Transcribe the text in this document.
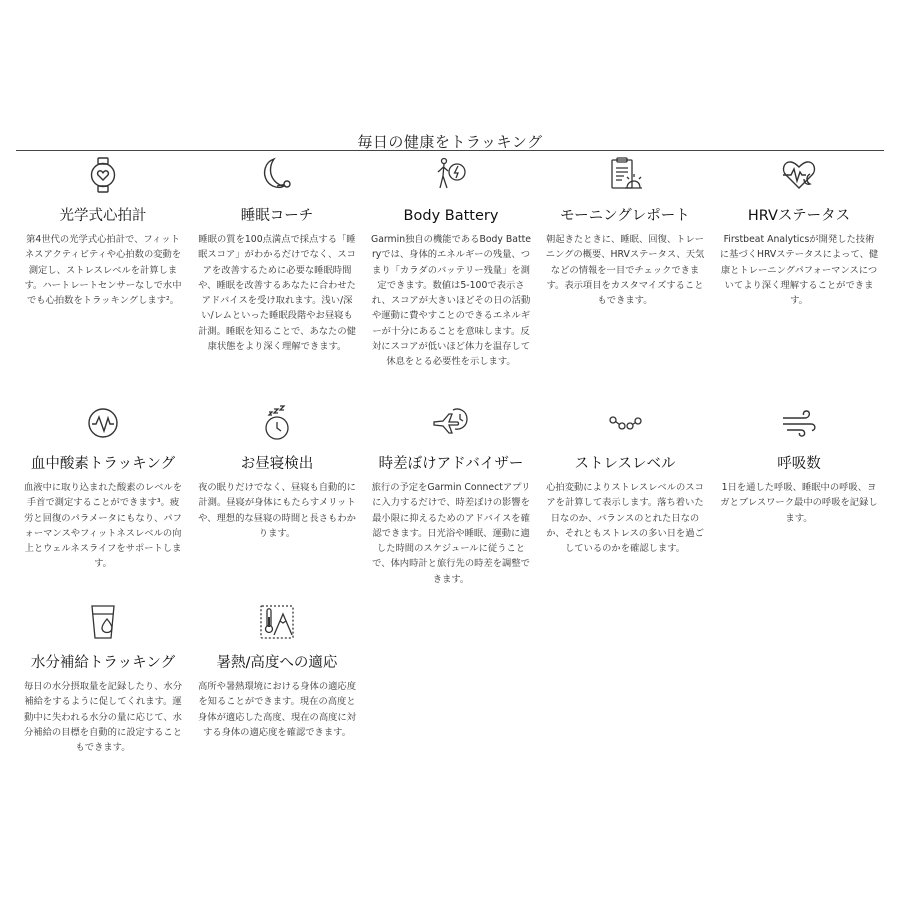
毎日の健康をトラッキング
光学式心拍計
第4世代の光学式心拍計で、フィットネスアクティビティや心拍数の変動を測定し、ストレスレベルを計算します。ハートレートセンサーなしで水中でも心拍数をトラッキングします²。
睡眠コーチ
睡眠の質を100点満点で採点する「睡眠スコア」がわかるだけでなく、スコアを改善するために必要な睡眠時間や、睡眠を改善するあなたに合わせたアドバイスを受け取れます。浅い/深い/レムといった睡眠段階やお昼寝も計測。睡眠を知ることで、あなたの健康状態をより深く理解できます。
Body Battery
Garmin独自の機能であるBody Batteryでは、身体的エネルギーの残量、つまり「カラダのバッテリー残量」を測定できます。数値は5-100で表示され、スコアが大きいほどその日の活動や運動に費やすことのできるエネルギーが十分にあることを意味します。反対にスコアが低いほど体力を温存して休息をとる必要性を示します。
モーニングレポート
朝起きたときに、睡眠、回復、トレーニングの概要、HRVステータス、天気などの情報を一目でチェックできます。表示項目をカスタマイズすることもできます。
HRVステータス
Firstbeat Analyticsが開発した技術に基づくHRVステータスによって、健康とトレーニングパフォーマンスについてより深く理解することができます。
血中酸素トラッキング
血液中に取り込まれた酸素のレベルを手首で測定することができます³。疲労と回復のパラメータにもなり、パフォーマンスやフィットネスレベルの向上とウェルネスライフをサポートします。
お昼寝検出
夜の眠りだけでなく、昼寝も自動的に計測。昼寝が身体にもたらすメリットや、理想的な昼寝の時間と長さもわかります。
時差ぼけアドバイザー
旅行の予定をGarmin Connectアプリに入力するだけで、時差ぼけの影響を最小限に抑えるためのアドバイスを確認できます。日光浴や睡眠、運動に適した時間のスケジュールに従うことで、体内時計と旅行先の時差を調整できます。
ストレスレベル
心拍変動によりストレスレベルのスコアを計算して表示します。落ち着いた日なのか、バランスのとれた日なのか、それともストレスの多い日を過ごしているのかを確認します。
呼吸数
1日を通した呼吸、睡眠中の呼吸、ヨガとブレスワーク最中の呼吸を記録します。
水分補給トラッキング
毎日の水分摂取量を記録したり、水分補給をするように促してくれます。運動中に失われる水分の量に応じて、水分補給の目標を自動的に設定することもできます。
暑熱/高度への適応
高所や暑熱環境における身体の適応度を知ることができます。現在の高度と身体が適応した高度、現在の高度に対する身体の適応度を確認できます。
